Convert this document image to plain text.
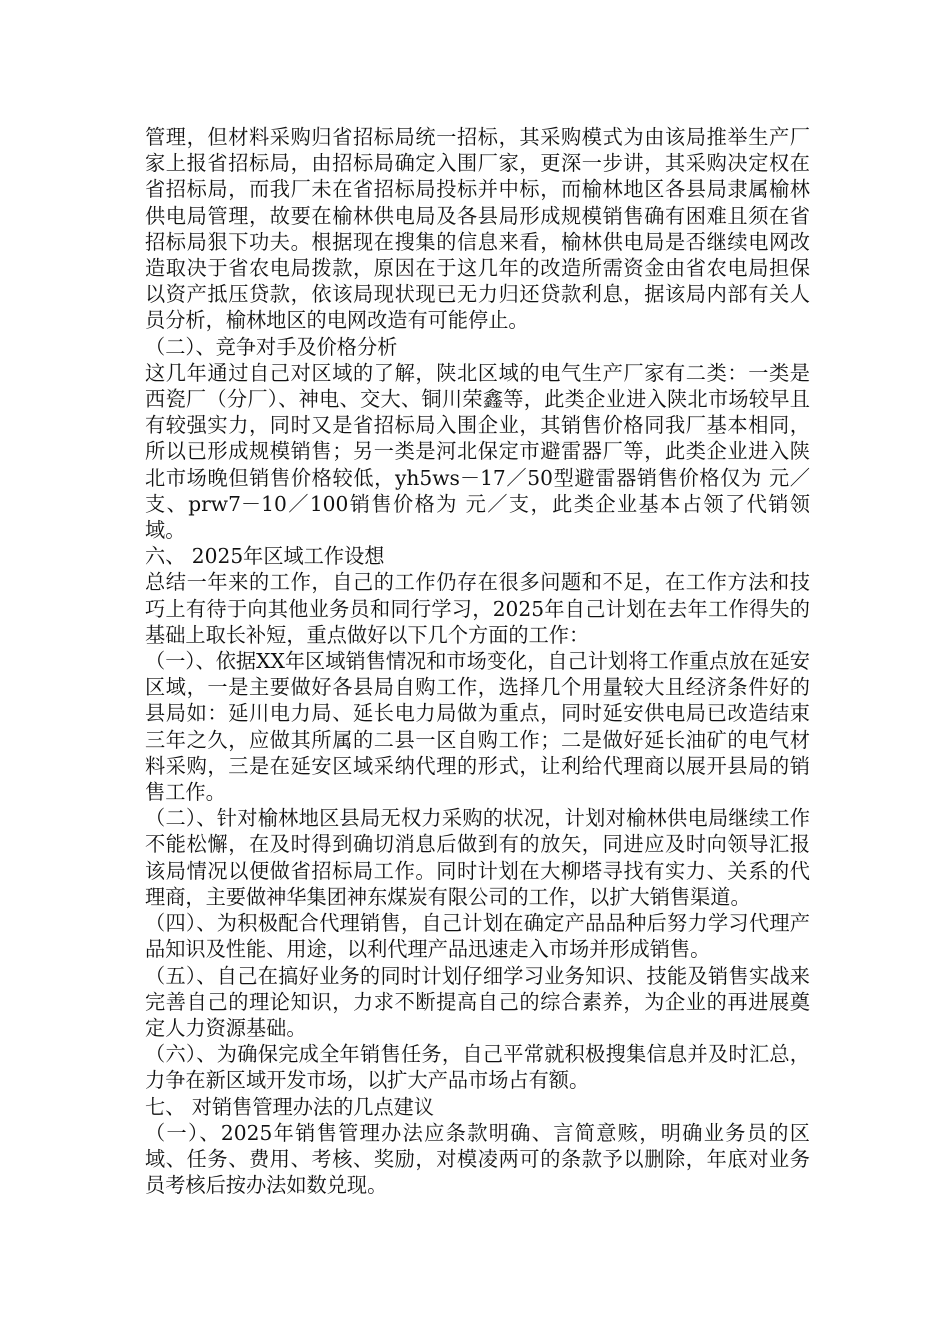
管理，但材料采购归省招标局统一招标，其采购模式为由该局推举生产厂家上报省招标局，由招标局确定入围厂家，更深一步讲，其采购决定权在省招标局，而我厂未在省招标局投标并中标，而榆林地区各县局隶属榆林供电局管理，故要在榆林供电局及各县局形成规模销售确有困难且须在省招标局狠下功夫。根据现在搜集的信息来看，榆林供电局是否继续电网改造取决于省农电局拨款，原因在于这几年的改造所需资金由省农电局担保以资产抵压贷款，依该局现状现已无力归还贷款利息，据该局内部有关人员分析，榆林地区的电网改造有可能停止。

（二）、竞争对手及价格分析

这几年通过自己对区域的了解，陕北区域的电气生产厂家有二类：一类是西瓷厂（分厂）、神电、交大、铜川荣鑫等，此类企业进入陕北市场较早且有较强实力，同时又是省招标局入围企业，其销售价格同我厂基本相同，所以已形成规模销售；另一类是河北保定市避雷器厂等，此类企业进入陕北市场晚但销售价格较低，yh5ws－17／50型避雷器销售价格仅为 元／支、prw7－10／100销售价格为 元／支，此类企业基本占领了代销领域。

六、 2025年区域工作设想

总结一年来的工作，自己的工作仍存在很多问题和不足，在工作方法和技巧上有待于向其他业务员和同行学习，2025年自己计划在去年工作得失的基础上取长补短，重点做好以下几个方面的工作：

（一）、依据XX年区域销售情况和市场变化，自己计划将工作重点放在延安区域，一是主要做好各县局自购工作，选择几个用量较大且经济条件好的县局如：延川电力局、延长电力局做为重点，同时延安供电局已改造结束三年之久，应做其所属的二县一区自购工作；二是做好延长油矿的电气材料采购，三是在延安区域采纳代理的形式，让利给代理商以展开县局的销售工作。

（二）、针对榆林地区县局无权力采购的状况，计划对榆林供电局继续工作不能松懈，在及时得到确切消息后做到有的放矢，同进应及时向领导汇报该局情况以便做省招标局工作。同时计划在大柳塔寻找有实力、关系的代理商，主要做神华集团神东煤炭有限公司的工作，以扩大销售渠道。

（四）、为积极配合代理销售，自己计划在确定产品品种后努力学习代理产品知识及性能、用途，以利代理产品迅速走入市场并形成销售。

（五）、自己在搞好业务的同时计划仔细学习业务知识、技能及销售实战来完善自己的理论知识，力求不断提高自己的综合素养，为企业的再进展奠定人力资源基础。

（六）、为确保完成全年销售任务，自己平常就积极搜集信息并及时汇总，力争在新区域开发市场，以扩大产品市场占有额。

七、 对销售管理办法的几点建议

（一）、2025年销售管理办法应条款明确、言简意赅，明确业务员的区域、任务、费用、考核、奖励，对模凌两可的条款予以删除，年底对业务员考核后按办法如数兑现。
